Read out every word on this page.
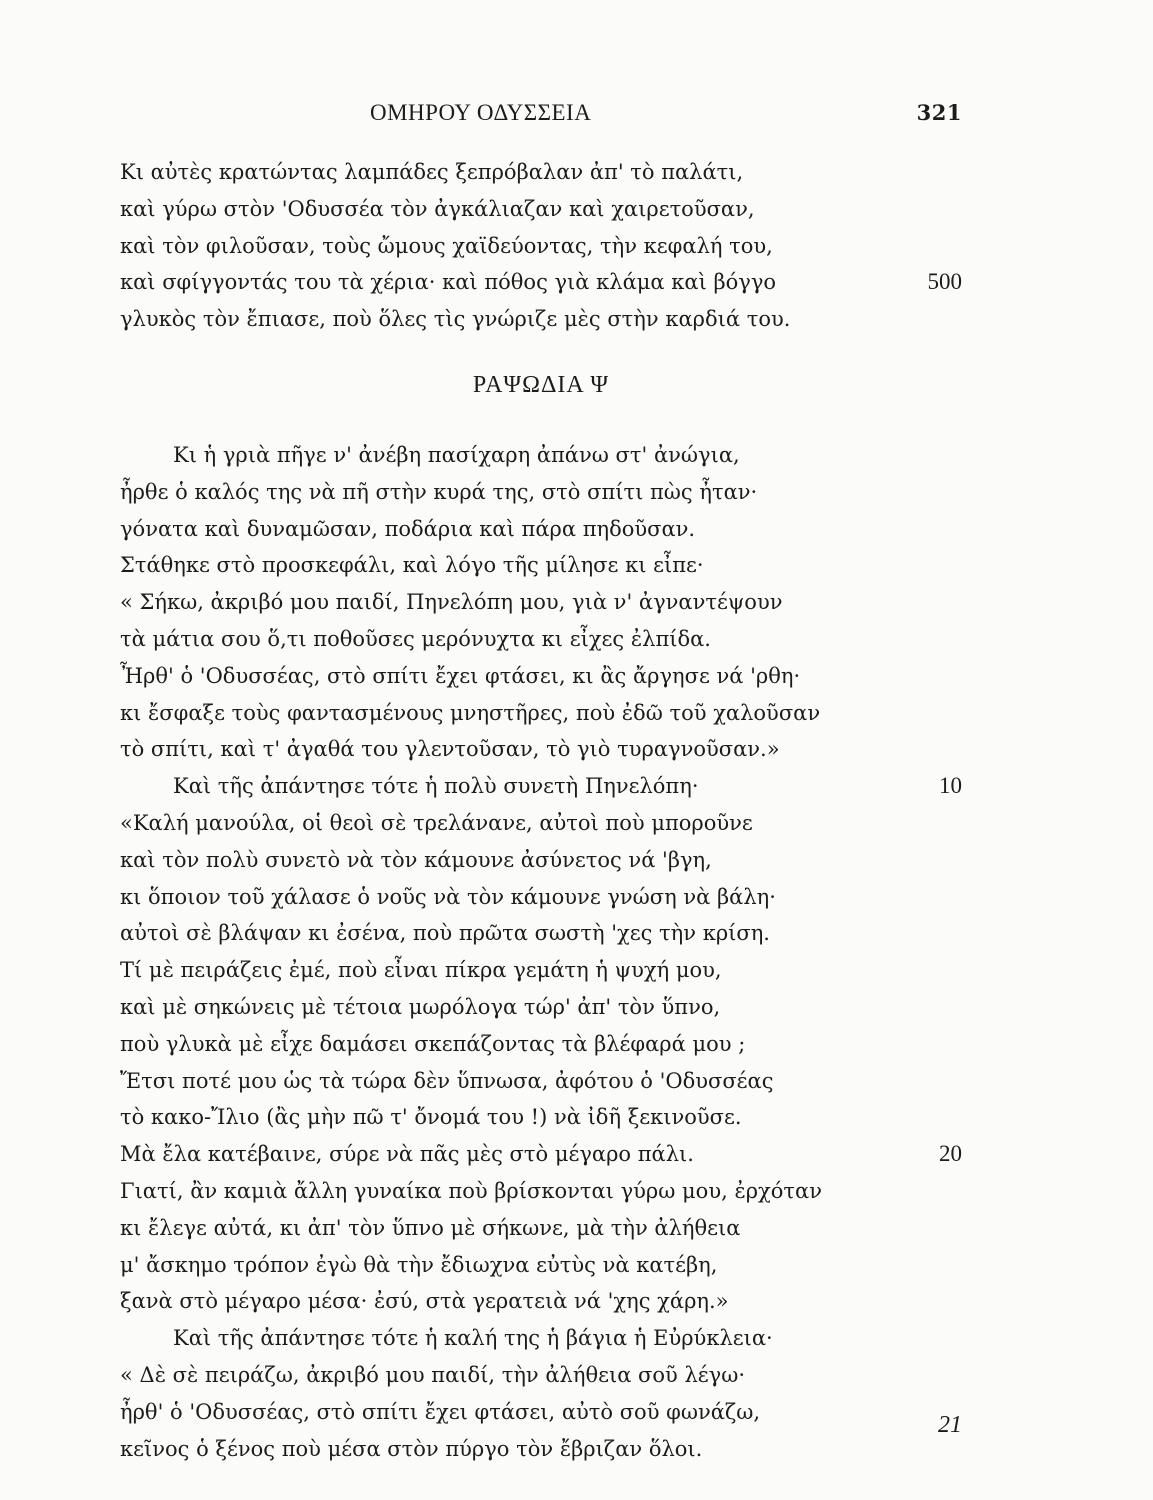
ΟΜΗΡΟΥ ΟΔΥΣΣΕΙΑ	321
Κι αὐτὲς κρατώντας λαμπάδες ξεπρόβαλαν ἀπ' τὸ παλάτι,
καὶ γύρω στὸν 'Οδυσσέα τὸν ἀγκάλιαζαν καὶ χαιρετοῦσαν,
καὶ τὸν φιλοῦσαν, τοὺς ὤμους χαϊδεύοντας, τὴν κεφαλή του,
καὶ σφίγγοντάς του τὰ χέρια· καὶ πόθος γιὰ κλάμα καὶ βόγγο	500
γλυκὸς τὸν ἔπιασε, ποὺ ὅλες τὶς γνώριζε μὲς στὴν καρδιά του.
ΡΑΨΩΔΙΑ Ψ
Κι ἡ γριὰ πῆγε ν' ἀνέβη πασίχαρη ἀπάνω στ' ἀνώγια,
ἦρθε ὁ καλός της νὰ πῆ στὴν κυρά της, στὸ σπίτι πὼς ἦταν·
γόνατα καὶ δυναμῶσαν, ποδάρια καὶ πάρα πηδοῦσαν.
Στάθηκε στὸ προσκεφάλι, καὶ λόγο τῆς μίλησε κι εἶπε·
« Σήκω, ἀκριβό μου παιδί, Πηνελόπη μου, γιὰ ν' ἀγναντέψουν
τὰ μάτια σου ὅ,τι ποθοῦσες μερόνυχτα κι εἶχες ἐλπίδα.
Ἦρθ' ὁ 'Οδυσσέας, στὸ σπίτι ἔχει φτάσει, κι ἂς ἄργησε νά 'ρθη·
κι ἔσφαξε τοὺς φαντασμένους μνηστῆρες, ποὺ ἐδῶ τοῦ χαλοῦσαν
τὸ σπίτι, καὶ τ' ἀγαθά του γλεντοῦσαν, τὸ γιὸ τυραγνοῦσαν.»
Καὶ τῆς ἀπάντησε τότε ἡ πολὺ συνετὴ Πηνελόπη·	10
«Καλή μανούλα, οἱ θεοὶ σὲ τρελάνανε, αὐτοὶ ποὺ μποροῦνε
καὶ τὸν πολὺ συνετὸ νὰ τὸν κάμουνε ἀσύνετος νά 'βγη,
κι ὅποιον τοῦ χάλασε ὁ νοῦς νὰ τὸν κάμουνε γνώση νὰ βάλη·
αὐτοὶ σὲ βλάψαν κι ἐσένα, ποὺ πρῶτα σωστὴ 'χες τὴν κρίση.
Τί μὲ πειράζεις ἐμέ, ποὺ εἶναι πίκρα γεμάτη ἡ ψυχή μου,
καὶ μὲ σηκώνεις μὲ τέτοια μωρόλογα τώρ' ἀπ' τὸν ὕπνο,
ποὺ γλυκὰ μὲ εἶχε δαμάσει σκεπάζοντας τὰ βλέφαρά μου ;
Ἔτσι ποτέ μου ὡς τὰ τώρα δὲν ὕπνωσα, ἀφότου ὁ 'Οδυσσέας
τὸ κακο-Ἴλιο (ἂς μὴν πῶ τ' ὄνομά του !) νὰ ἰδῆ ξεκινοῦσε.
Μὰ ἔλα κατέβαινε, σύρε νὰ πᾶς μὲς στὸ μέγαρο πάλι.	20
Γιατί, ἂν καμιὰ ἄλλη γυναίκα ποὺ βρίσκονται γύρω μου, ἐρχόταν
κι ἔλεγε αὐτά, κι ἀπ' τὸν ὕπνο μὲ σήκωνε, μὰ τὴν ἀλήθεια
μ' ἄσκημο τρόπον ἐγὼ θὰ τὴν ἔδιωχνα εὐτὺς νὰ κατέβη,
ξανὰ στὸ μέγαρο μέσα· ἐσύ, στὰ γερατειὰ νά 'χης χάρη.»
Καὶ τῆς ἀπάντησε τότε ἡ καλή της ἡ βάγια ἡ Εὐρύκλεια·
« Δὲ σὲ πειράζω, ἀκριβό μου παιδί, τὴν ἀλήθεια σοῦ λέγω·
ἦρθ' ὁ 'Οδυσσέας, στὸ σπίτι ἔχει φτάσει, αὐτὸ σοῦ φωνάζω,
κεῖνος ὁ ξένος ποὺ μέσα στὸν πύργο τὸν ἔβριζαν ὅλοι.
21
